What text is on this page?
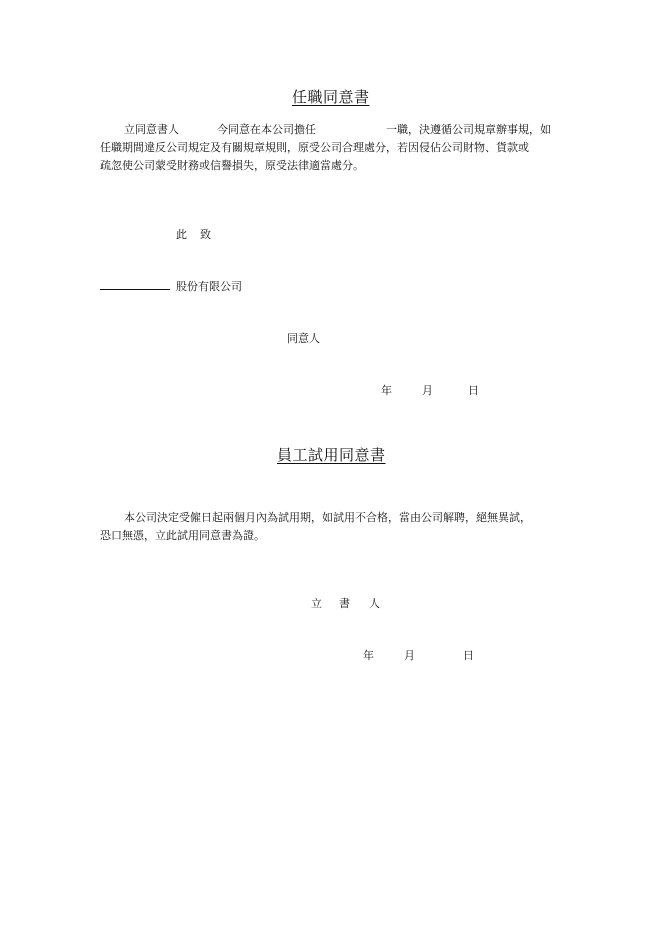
任職同意書
立同意書人	今同意在本公司擔任	一職，決遵循公司規章辦事規，如
任職期間違反公司規定及有關規章規則，原受公司合理處分，若因侵佔公司財物、貨款或
疏忽使公司蒙受財務或信譽損失，原受法律適當處分。
此 致
股份有限公司
同意人
年	月	日
員工試用同意書
本公司決定受僱日起兩個月內為試用期，如試用不合格，當由公司解聘，絕無異試，
恐口無憑，立此試用同意書為證。
立 書 人
年	月	日
